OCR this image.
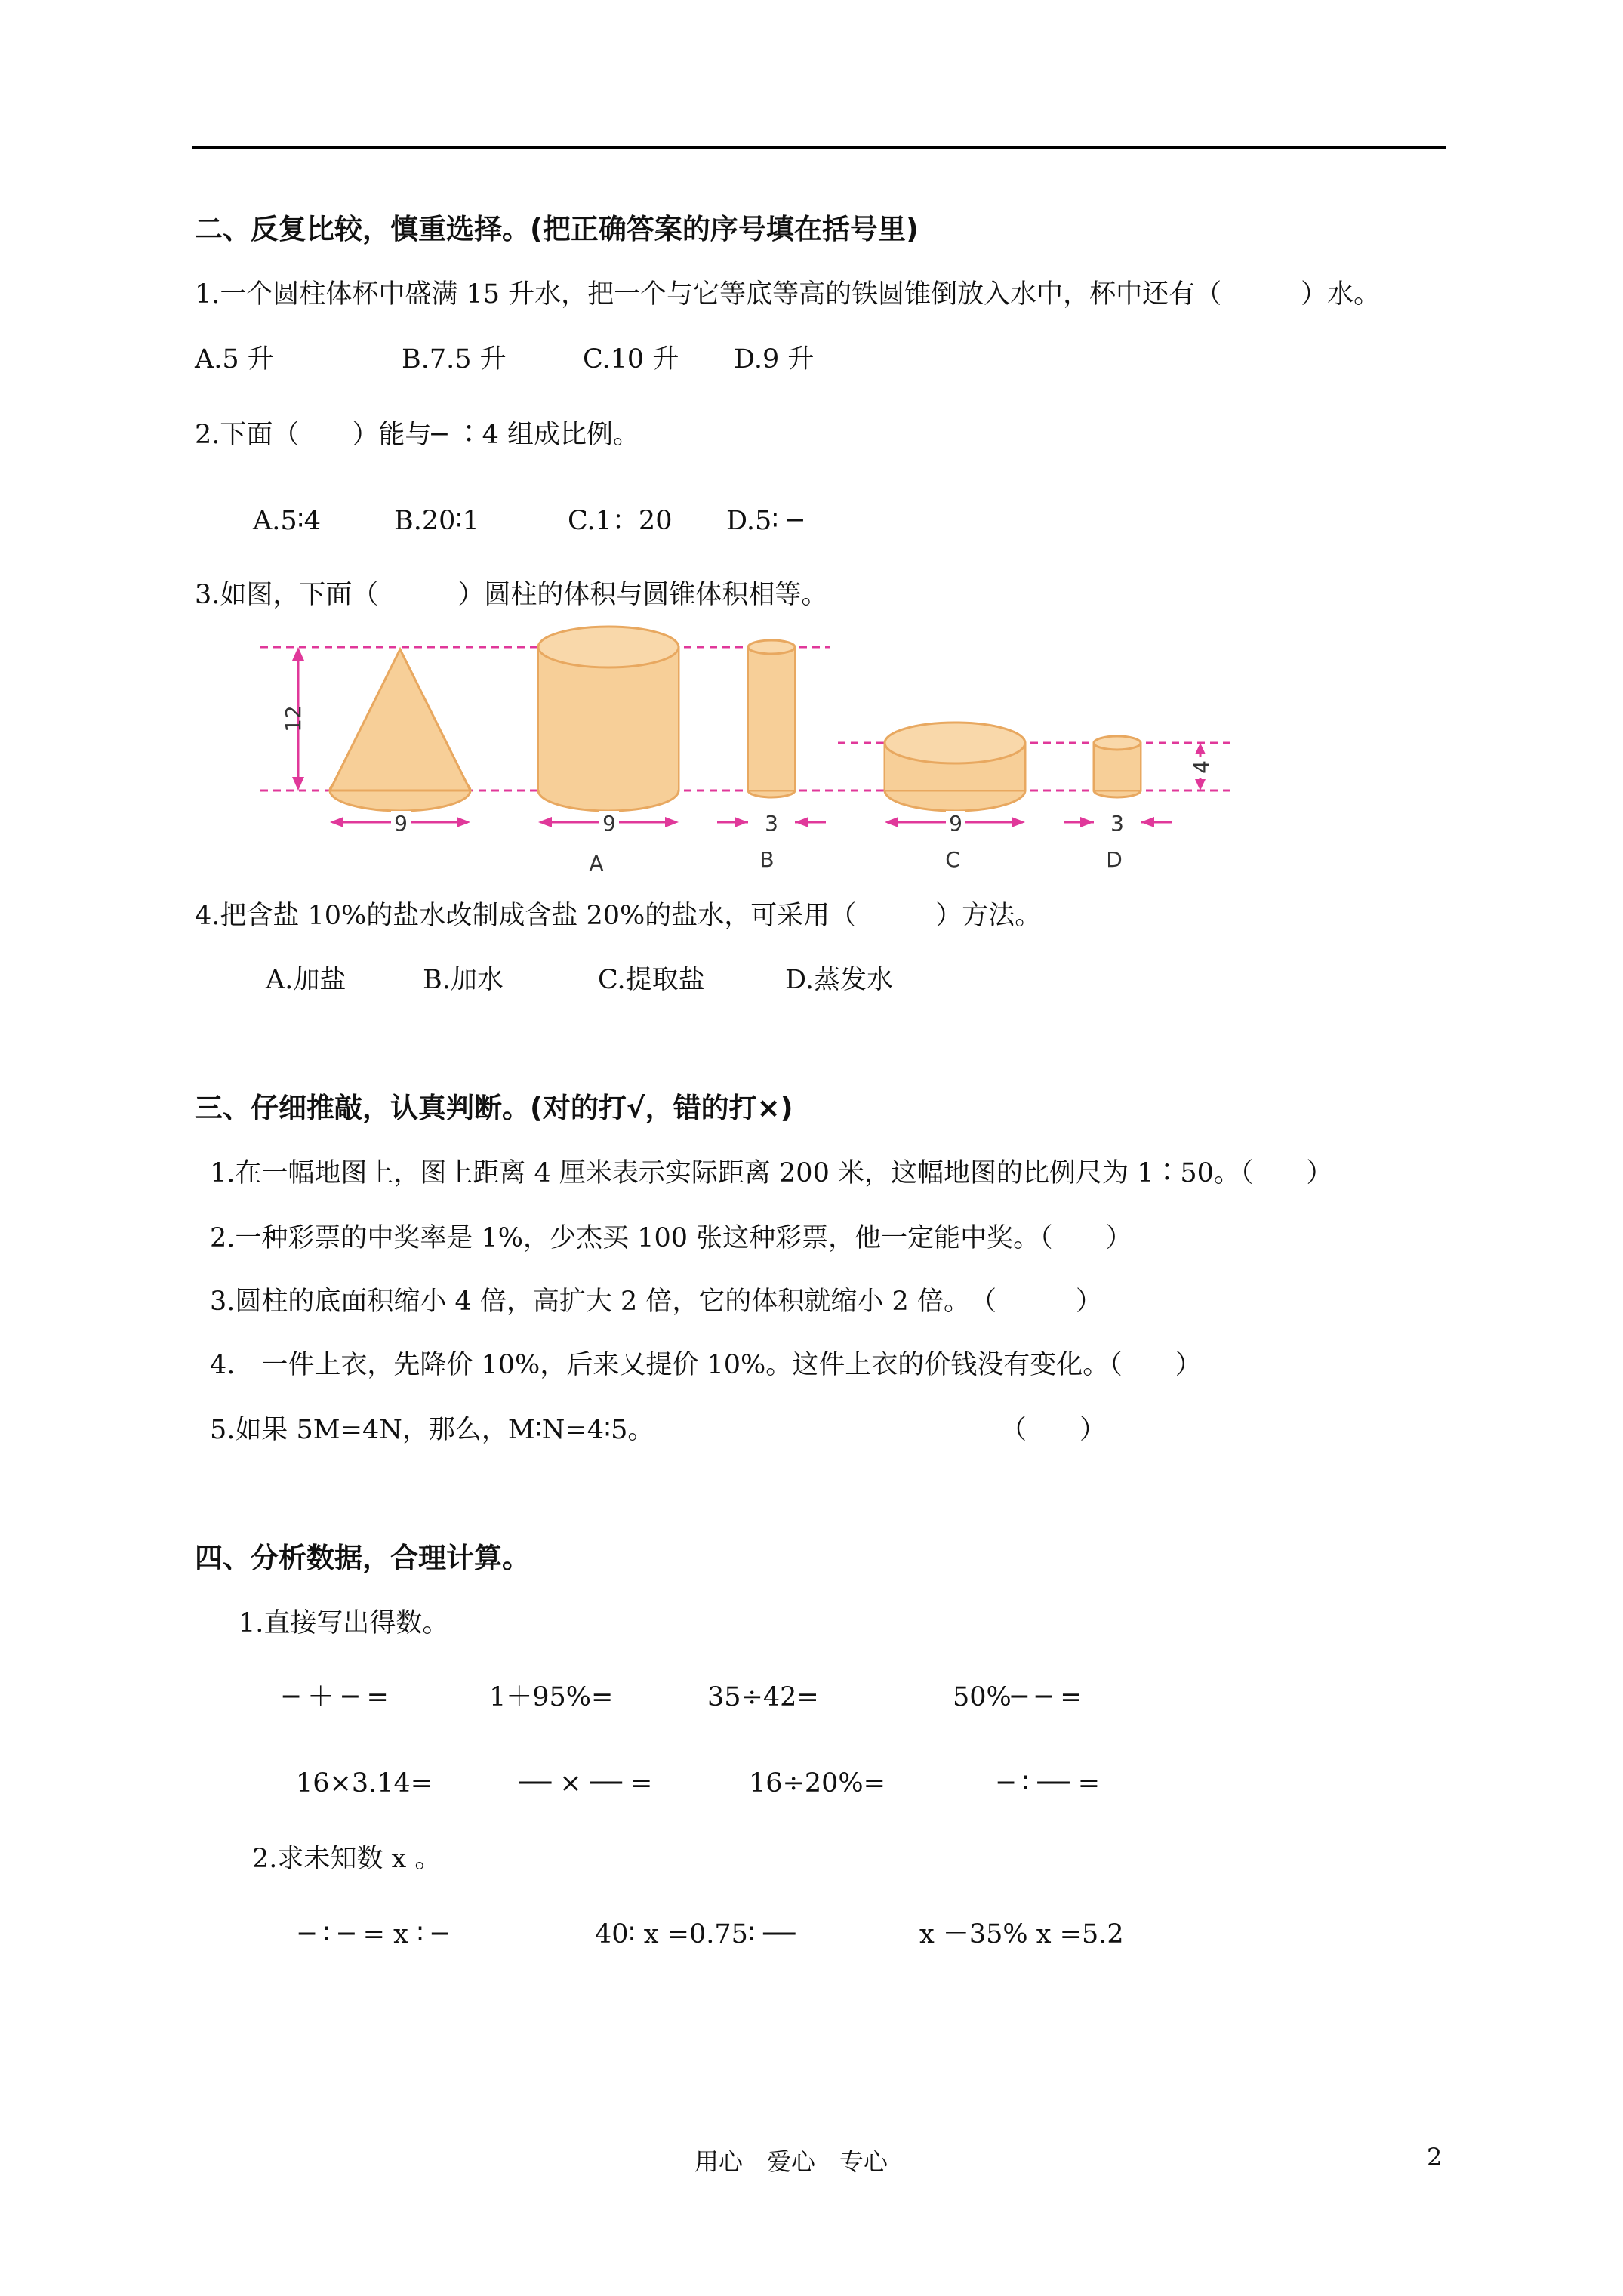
二、反复比较，慎重选择。(把正确答案的序号填在括号里)
1.一个圆柱体杯中盛满 15 升水，把一个与它等底等高的铁圆锥倒放入水中，杯中还有（　　　）水。
A.5 升	B.7.5 升	C.10 升 D.9 升
2.下面（　　）能与─ ∶4 组成比例。
A.5∶4	B.20∶1	C.1：20 D.5∶ ─
3.如图，下面（　　　）圆柱的体积与圆锥体积相等。
12
9	9
A
3
B
9
C
3
D
4
4.把含盐 10%的盐水改制成含盐 20%的盐水，可采用（　　　）方法。
A.加盐	B.加水	C.提取盐	D.蒸发水
三、仔细推敲，认真判断。(对的打√，错的打×)
1.在一幅地图上，图上距离 4 厘米表示实际距离 200 米，这幅地图的比例尺为 1∶50。（　　）
2.一种彩票的中奖率是 1%，少杰买 100 张这种彩票，他一定能中奖。（　　）
3.圆柱的底面积缩小 4 倍，高扩大 2 倍，它的体积就缩小 2 倍。　（　　　）
4.　一件上衣，先降价 10%，后来又提价 10%。这件上衣的价钱没有变化。（　　）
5.如果 5M=4N，那么，M∶N=4∶5。	（　　）
四、分析数据，合理计算。
1.直接写出得数。
─ ＋ ─ =	1＋95%=	35÷42=	50%─ ─ =
16×3.14=	── × ── =	16÷20%=	─ ∶ ── =
2.求未知数 x 。
─ ∶ ─ = x ∶ ─	40∶ x =0.75∶ ──	x －35% x =5.2
用心　爱心　专心	2
